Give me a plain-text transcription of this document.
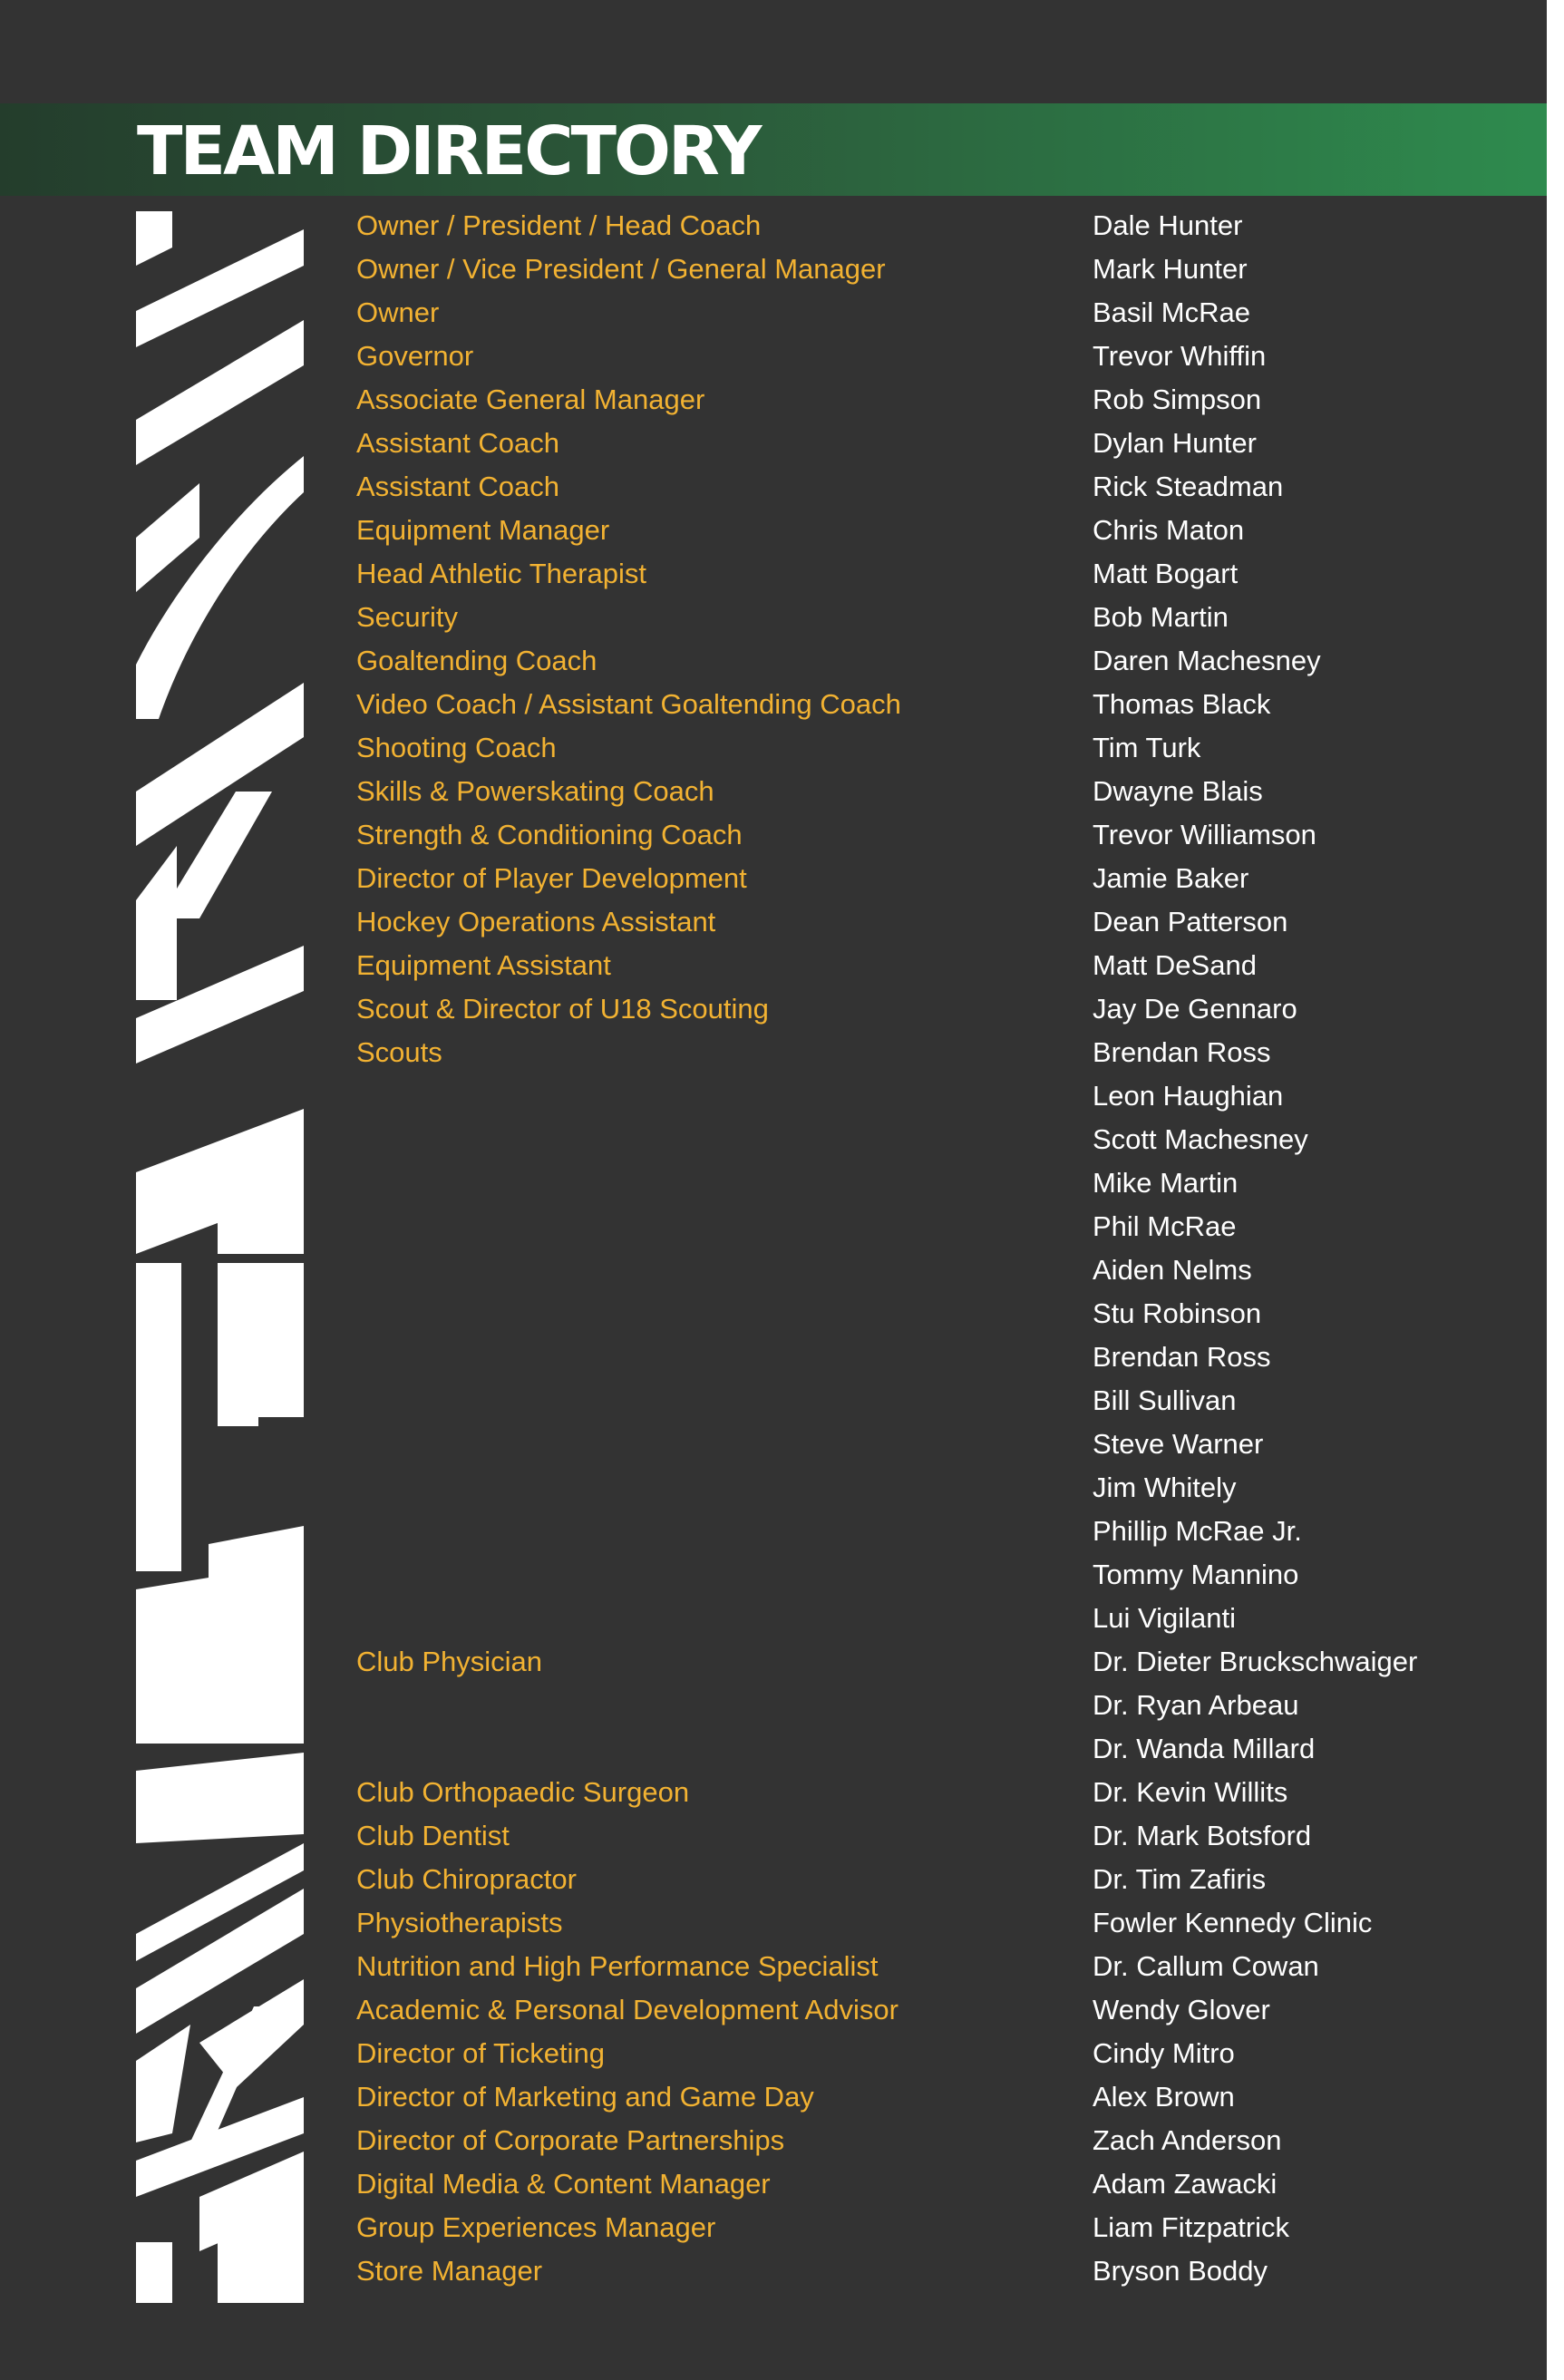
TEAM DIRECTORY
Owner / President / Head Coach	Dale Hunter
Owner / Vice President / General Manager	Mark Hunter
Owner	Basil McRae
Governor	Trevor Whiffin
Associate General Manager	Rob Simpson
Assistant Coach	Dylan Hunter
Assistant Coach	Rick Steadman
Equipment Manager	Chris Maton
Head Athletic Therapist	Matt Bogart
Security	Bob Martin
Goaltending Coach	Daren Machesney
Video Coach / Assistant Goaltending Coach	Thomas Black
Shooting Coach	Tim Turk
Skills & Powerskating Coach	Dwayne Blais
Strength & Conditioning Coach	Trevor Williamson
Director of Player Development	Jamie Baker
Hockey Operations Assistant	Dean Patterson
Equipment Assistant	Matt DeSand
Scout & Director of U18 Scouting	Jay De Gennaro
Scouts	Brendan Ross
Leon Haughian
Scott Machesney
Mike Martin
Phil McRae
Aiden Nelms
Stu Robinson
Brendan Ross
Bill Sullivan
Steve Warner
Jim Whitely
Phillip McRae Jr.
Tommy Mannino
Lui Vigilanti
Club Physician	Dr. Dieter Bruckschwaiger
Dr. Ryan Arbeau
Dr. Wanda Millard
Club Orthopaedic Surgeon	Dr. Kevin Willits
Club Dentist	Dr. Mark Botsford
Club Chiropractor	Dr. Tim Zafiris
Physiotherapists	Fowler Kennedy Clinic
Nutrition and High Performance Specialist	Dr. Callum Cowan
Academic & Personal Development Advisor	Wendy Glover
Director of Ticketing	Cindy Mitro
Director of Marketing and Game Day	Alex Brown
Director of Corporate Partnerships	Zach Anderson
Digital Media & Content Manager	Adam Zawacki
Group Experiences Manager	Liam Fitzpatrick
Store Manager	Bryson Boddy
